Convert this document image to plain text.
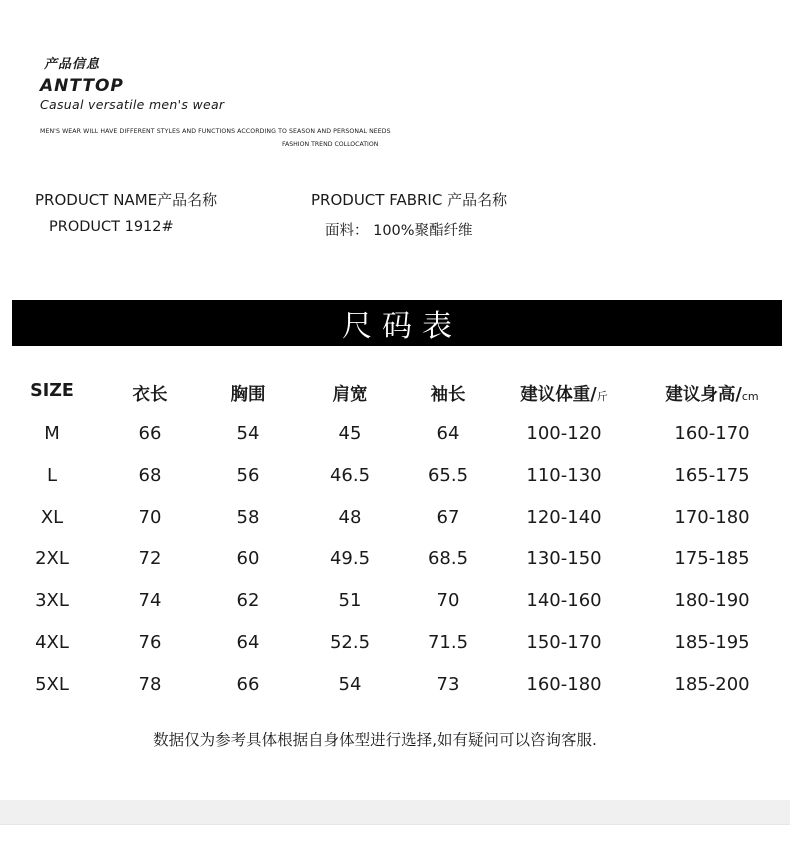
产品信息
ANTTOP
Casual versatile men's wear
MEN'S WEAR WILL HAVE DIFFERENT STYLES AND FUNCTIONS ACCORDING TO SEASON AND PERSONAL NEEDS
FASHION TREND COLLOCATION
PRODUCT NAME产品名称
PRODUCT 1912#
PRODUCT FABRIC 产品名称
面料： 100%聚酯纤维
尺码表
SIZE	衣长	胸围	肩宽	袖长	建议体重/斤	建议身高/cm
M	66	54	45	64	100-120	160-170
L	68	56	46.5	65.5	110-130	165-175
XL	70	58	48	67	120-140	170-180
2XL	72	60	49.5	68.5	130-150	175-185
3XL	74	62	51	70	140-160	180-190
4XL	76	64	52.5	71.5	150-170	185-195
5XL	78	66	54	73	160-180	185-200
数据仅为参考具体根据自身体型进行选择,如有疑问可以咨询客服.
